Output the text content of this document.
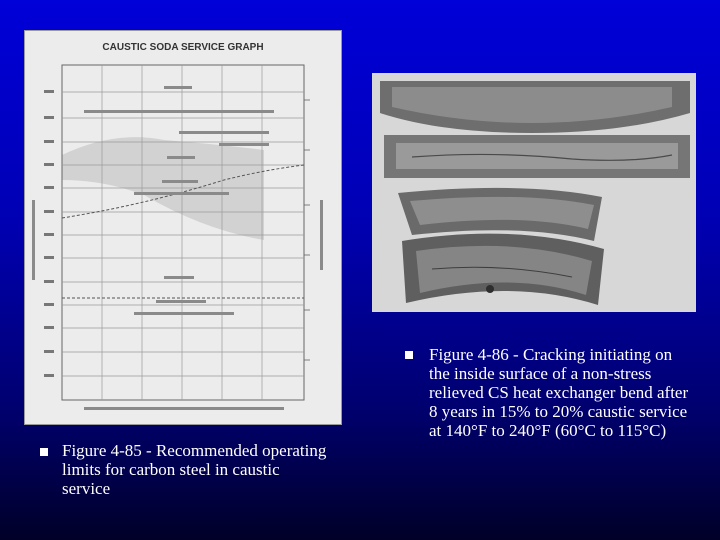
CAUSTIC SODA SERVICE GRAPH
Figure 4-85 - Recommended operating limits for carbon steel in caustic service
Figure 4-86 - Cracking initiating on the inside surface of a non-stress relieved CS heat exchanger bend after 8 years in 15% to 20% caustic service at 140°F to 240°F (60°C to 115°C)
